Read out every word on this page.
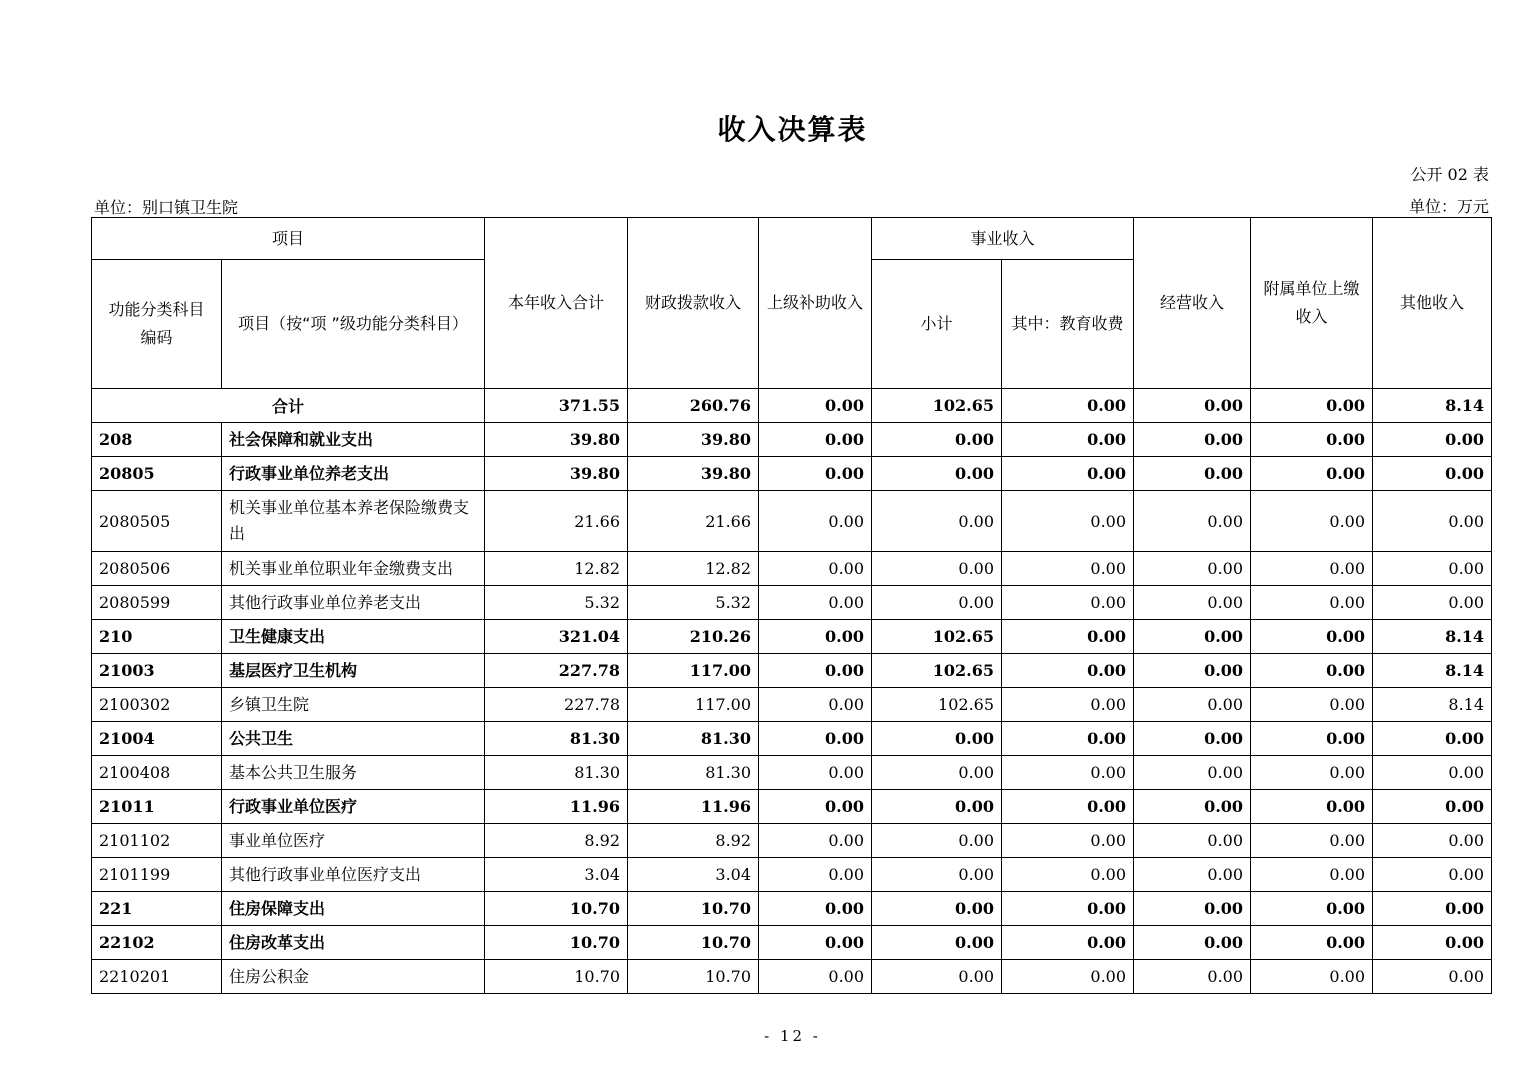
收入决算表
公开 02 表
单位：别口镇卫生院	单位：万元
项目		本年收入合计	财政拨款收入	上级补助收入	事业收入		经营收入	附属单位上缴收入	其他收入
功能分类科目编码	项目（按“项 ”级功能分类科目）				小计	其中：教育收费			
合计		371.55	260.76	0.00	102.65	0.00	0.00	0.00	8.14
208	社会保障和就业支出	39.80	39.80	0.00	0.00	0.00	0.00	0.00	0.00
20805	行政事业单位养老支出	39.80	39.80	0.00	0.00	0.00	0.00	0.00	0.00
2080505	机关事业单位基本养老保险缴费支出	21.66	21.66	0.00	0.00	0.00	0.00	0.00	0.00
2080506	机关事业单位职业年金缴费支出	12.82	12.82	0.00	0.00	0.00	0.00	0.00	0.00
2080599	其他行政事业单位养老支出	5.32	5.32	0.00	0.00	0.00	0.00	0.00	0.00
210	卫生健康支出	321.04	210.26	0.00	102.65	0.00	0.00	0.00	8.14
21003	基层医疗卫生机构	227.78	117.00	0.00	102.65	0.00	0.00	0.00	8.14
2100302	乡镇卫生院	227.78	117.00	0.00	102.65	0.00	0.00	0.00	8.14
21004	公共卫生	81.30	81.30	0.00	0.00	0.00	0.00	0.00	0.00
2100408	基本公共卫生服务	81.30	81.30	0.00	0.00	0.00	0.00	0.00	0.00
21011	行政事业单位医疗	11.96	11.96	0.00	0.00	0.00	0.00	0.00	0.00
2101102	事业单位医疗	8.92	8.92	0.00	0.00	0.00	0.00	0.00	0.00
2101199	其他行政事业单位医疗支出	3.04	3.04	0.00	0.00	0.00	0.00	0.00	0.00
221	住房保障支出	10.70	10.70	0.00	0.00	0.00	0.00	0.00	0.00
22102	住房改革支出	10.70	10.70	0.00	0.00	0.00	0.00	0.00	0.00
2210201	住房公积金	10.70	10.70	0.00	0.00	0.00	0.00	0.00	0.00
- 12 -
